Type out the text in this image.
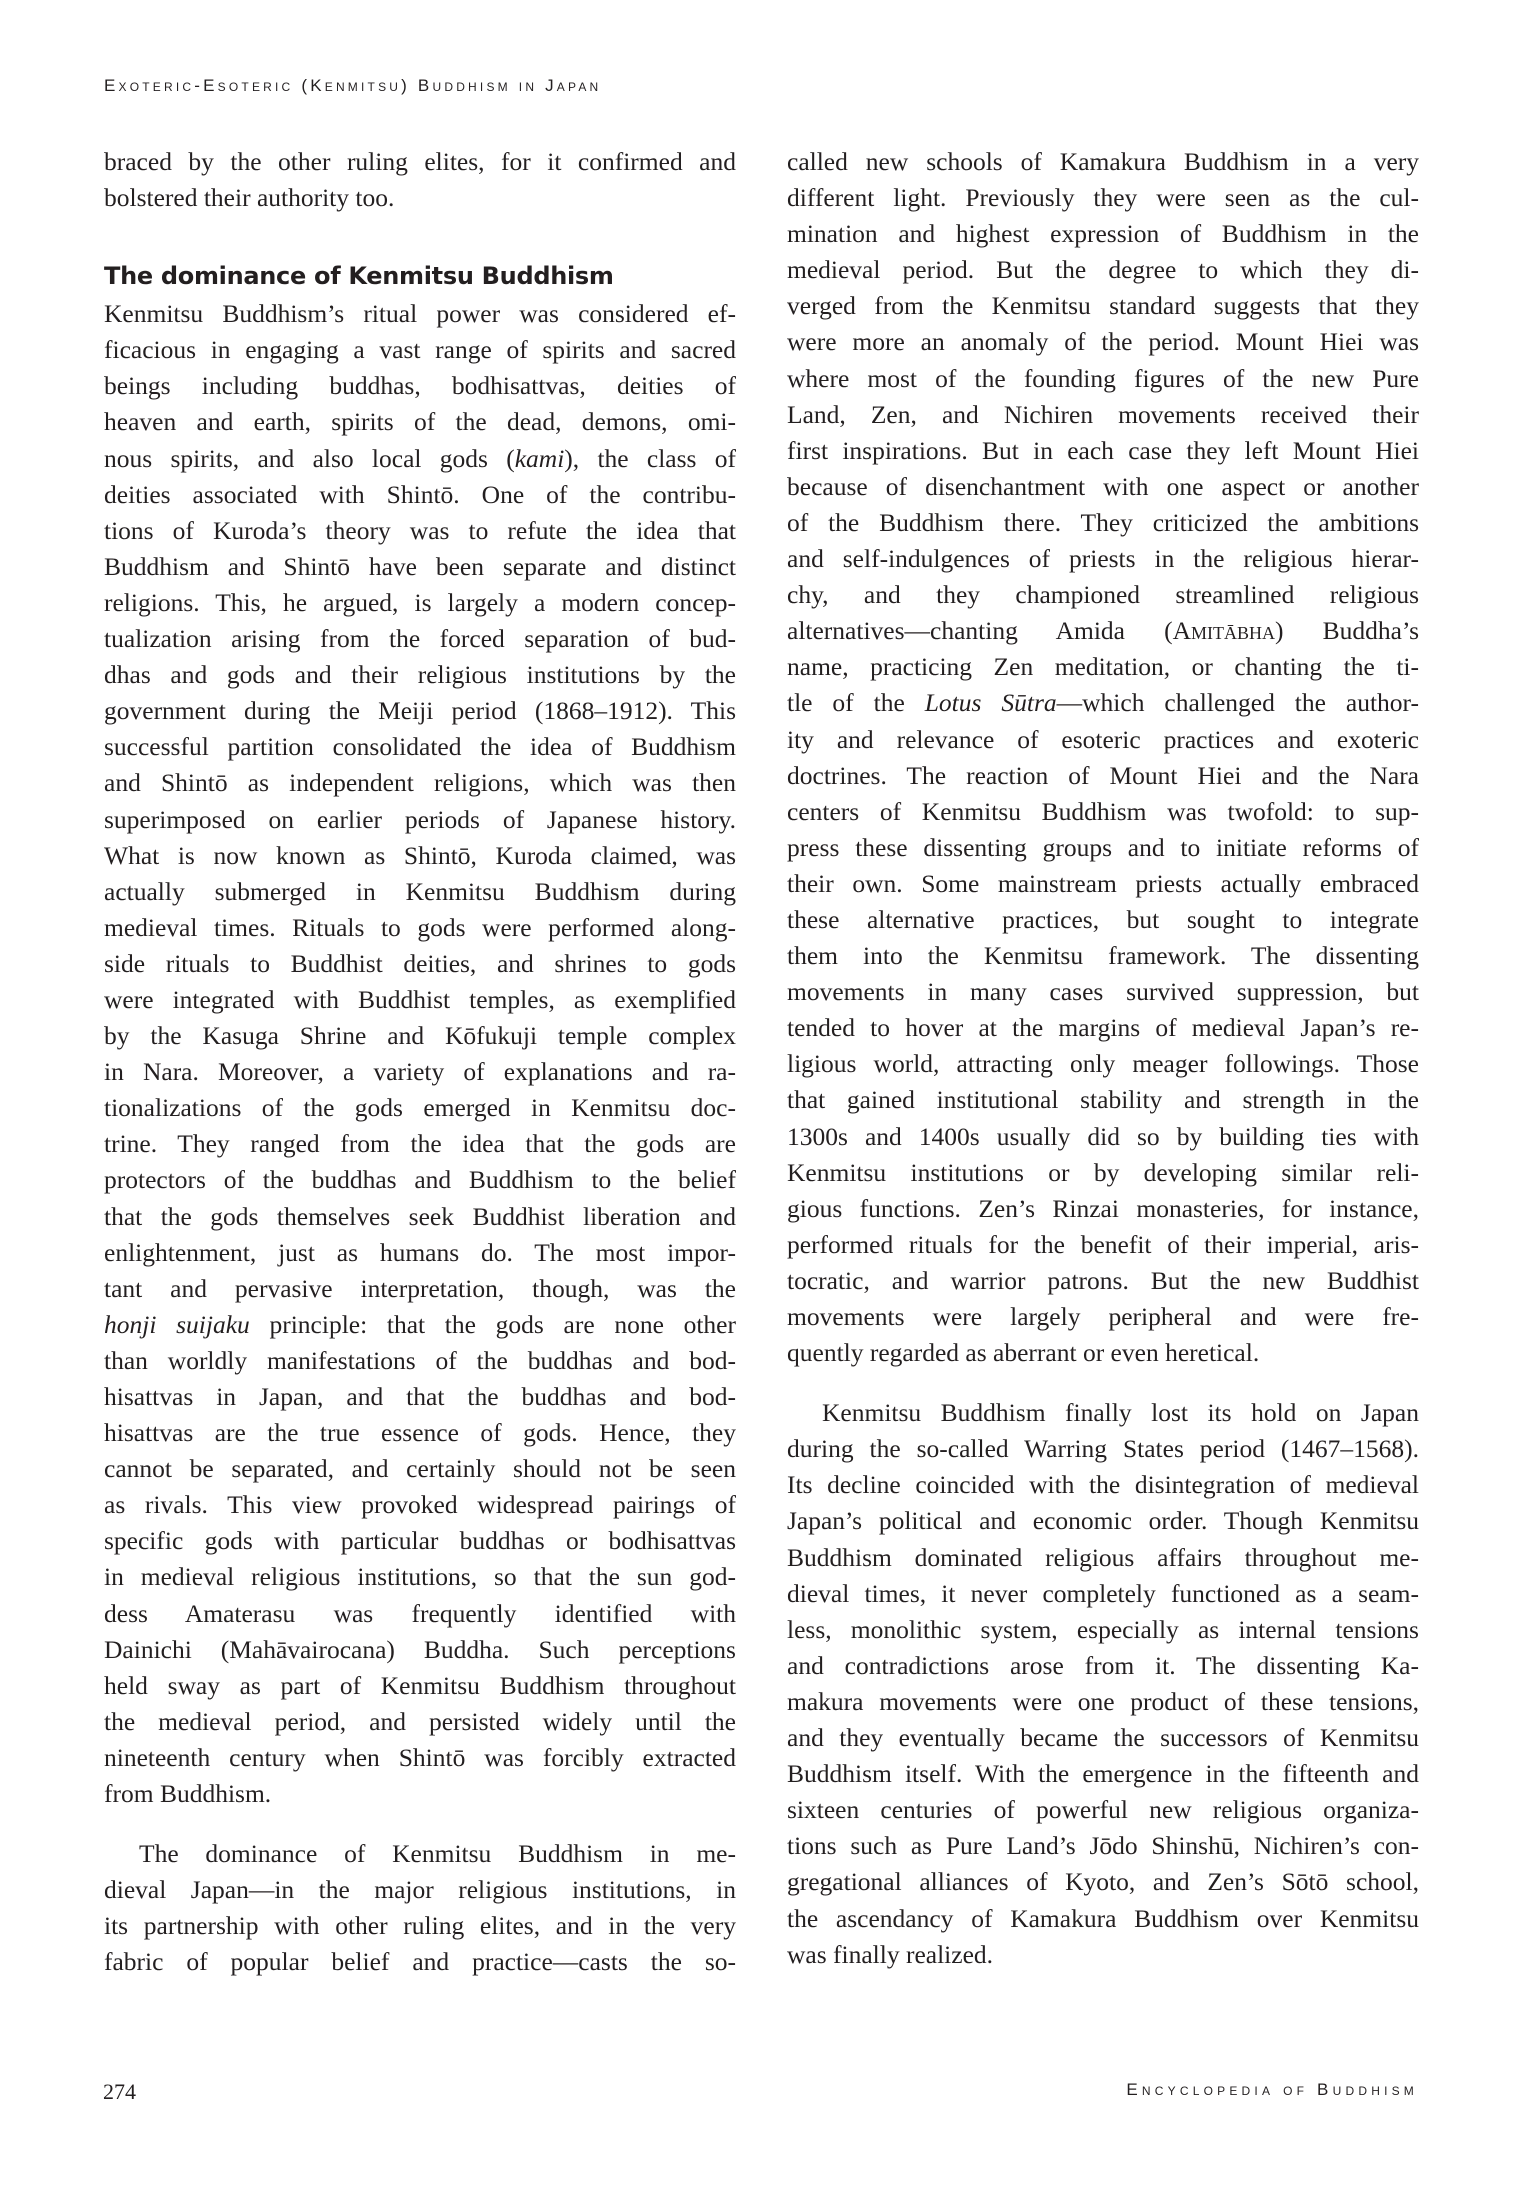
Exoteric-Esoteric (Kenmitsu) Buddhism in Japan
braced by the other ruling elites, for it confirmed and
bolstered their authority too.
The dominance of Kenmitsu Buddhism
Kenmitsu Buddhism’s ritual power was considered ef-
ficacious in engaging a vast range of spirits and sacred
beings including buddhas, bodhisattvas, deities of
heaven and earth, spirits of the dead, demons, omi-
nous spirits, and also local gods (kami), the class of
deities associated with Shintō. One of the contribu-
tions of Kuroda’s theory was to refute the idea that
Buddhism and Shintō have been separate and distinct
religions. This, he argued, is largely a modern concep-
tualization arising from the forced separation of bud-
dhas and gods and their religious institutions by the
government during the Meiji period (1868–1912). This
successful partition consolidated the idea of Buddhism
and Shintō as independent religions, which was then
superimposed on earlier periods of Japanese history.
What is now known as Shintō, Kuroda claimed, was
actually submerged in Kenmitsu Buddhism during
medieval times. Rituals to gods were performed along-
side rituals to Buddhist deities, and shrines to gods
were integrated with Buddhist temples, as exemplified
by the Kasuga Shrine and Kōfukuji temple complex
in Nara. Moreover, a variety of explanations and ra-
tionalizations of the gods emerged in Kenmitsu doc-
trine. They ranged from the idea that the gods are
protectors of the buddhas and Buddhism to the belief
that the gods themselves seek Buddhist liberation and
enlightenment, just as humans do. The most impor-
tant and pervasive interpretation, though, was the
honji suijaku principle: that the gods are none other
than worldly manifestations of the buddhas and bod-
hisattvas in Japan, and that the buddhas and bod-
hisattvas are the true essence of gods. Hence, they
cannot be separated, and certainly should not be seen
as rivals. This view provoked widespread pairings of
specific gods with particular buddhas or bodhisattvas
in medieval religious institutions, so that the sun god-
dess Amaterasu was frequently identified with
Dainichi (Mahāvairocana) Buddha. Such perceptions
held sway as part of Kenmitsu Buddhism throughout
the medieval period, and persisted widely until the
nineteenth century when Shintō was forcibly extracted
from Buddhism.
The dominance of Kenmitsu Buddhism in me-
dieval Japan—in the major religious institutions, in
its partnership with other ruling elites, and in the very
fabric of popular belief and practice—casts the so-
called new schools of Kamakura Buddhism in a very
different light. Previously they were seen as the cul-
mination and highest expression of Buddhism in the
medieval period. But the degree to which they di-
verged from the Kenmitsu standard suggests that they
were more an anomaly of the period. Mount Hiei was
where most of the founding figures of the new Pure
Land, Zen, and Nichiren movements received their
first inspirations. But in each case they left Mount Hiei
because of disenchantment with one aspect or another
of the Buddhism there. They criticized the ambitions
and self-indulgences of priests in the religious hierar-
chy, and they championed streamlined religious
alternatives—chanting Amida (Amitābha) Buddha’s
name, practicing Zen meditation, or chanting the ti-
tle of the Lotus Sūtra—which challenged the author-
ity and relevance of esoteric practices and exoteric
doctrines. The reaction of Mount Hiei and the Nara
centers of Kenmitsu Buddhism was twofold: to sup-
press these dissenting groups and to initiate reforms of
their own. Some mainstream priests actually embraced
these alternative practices, but sought to integrate
them into the Kenmitsu framework. The dissenting
movements in many cases survived suppression, but
tended to hover at the margins of medieval Japan’s re-
ligious world, attracting only meager followings. Those
that gained institutional stability and strength in the
1300s and 1400s usually did so by building ties with
Kenmitsu institutions or by developing similar reli-
gious functions. Zen’s Rinzai monasteries, for instance,
performed rituals for the benefit of their imperial, aris-
tocratic, and warrior patrons. But the new Buddhist
movements were largely peripheral and were fre-
quently regarded as aberrant or even heretical.
Kenmitsu Buddhism finally lost its hold on Japan
during the so-called Warring States period (1467–1568).
Its decline coincided with the disintegration of medieval
Japan’s political and economic order. Though Kenmitsu
Buddhism dominated religious affairs throughout me-
dieval times, it never completely functioned as a seam-
less, monolithic system, especially as internal tensions
and contradictions arose from it. The dissenting Ka-
makura movements were one product of these tensions,
and they eventually became the successors of Kenmitsu
Buddhism itself. With the emergence in the fifteenth and
sixteen centuries of powerful new religious organiza-
tions such as Pure Land’s Jōdo Shinshū, Nichiren’s con-
gregational alliances of Kyoto, and Zen’s Sōtō school,
the ascendancy of Kamakura Buddhism over Kenmitsu
was finally realized.
274	Encyclopedia of Buddhism
